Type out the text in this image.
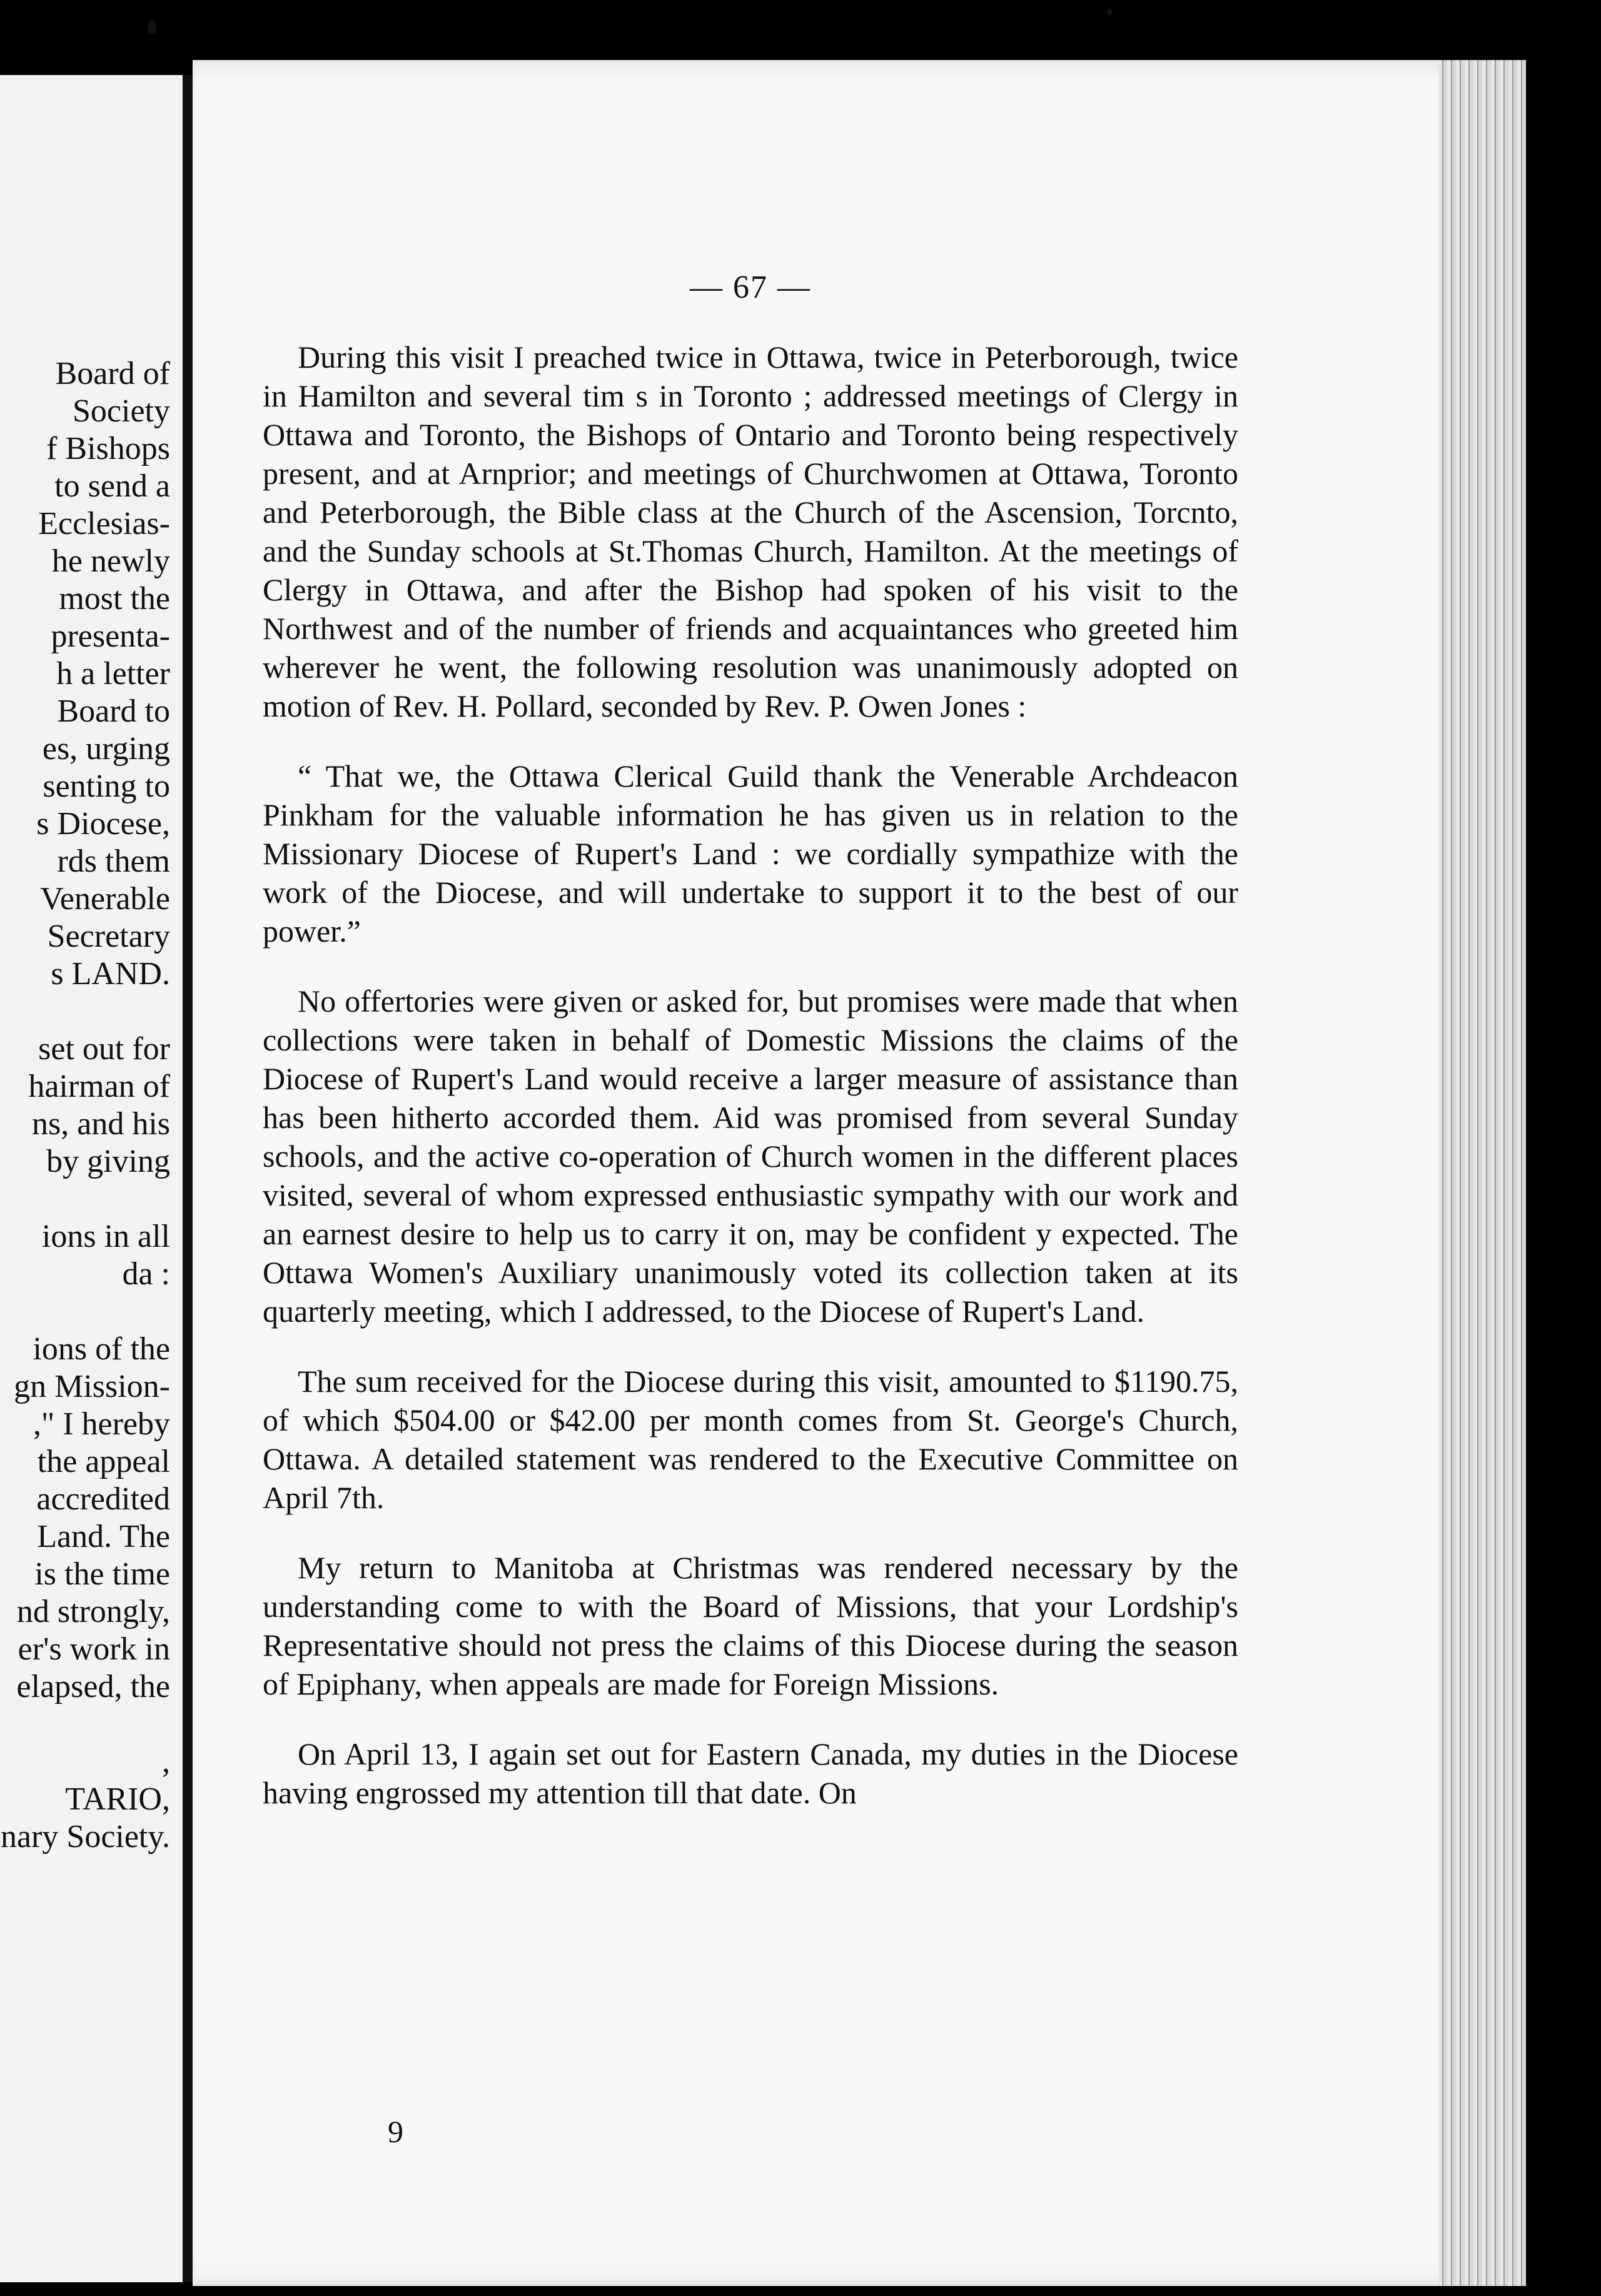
Board of
Society
f Bishops
to send a
Ecclesias-
he newly
most the
presenta-
h a letter
Board to
es, urging
senting to
s Diocese,
rds them
Venerable
Secretary
s LAND.

set out for
hairman of
ns, and his
by giving

ions in all
da :

ions of the
gn Mission-
," I hereby
the appeal
accredited
Land. The
is the time
nd strongly,
er's work in
elapsed, the

,
TARIO,
nary Society.
— 67 —

During this visit I preached twice in Ottawa, twice in Peterborough, twice in Hamilton and several tim s in Toronto ; addressed meetings of Clergy in Ottawa and Toronto, the Bishops of Ontario and Toronto being respectively present, and at Arnprior; and meetings of Churchwomen at Ottawa, Toronto and Peterborough, the Bible class at the Church of the Ascension, Torcnto, and the Sunday schools at St.Thomas Church, Hamilton. At the meetings of Clergy in Ottawa, and after the Bishop had spoken of his visit to the Northwest and of the number of friends and acquaintances who greeted him wherever he went, the following resolution was unanimously adopted on motion of Rev. H. Pollard, seconded by Rev. P. Owen Jones :

“ That we, the Ottawa Clerical Guild thank the Venerable Archdeacon Pinkham for the valuable information he has given us in relation to the Missionary Diocese of Rupert's Land : we cordially sympathize with the work of the Diocese, and will undertake to support it to the best of our power.”

No offertories were given or asked for, but promises were made that when collections were taken in behalf of Domestic Missions the claims of the Diocese of Rupert's Land would receive a larger measure of assistance than has been hitherto accorded them. Aid was promised from several Sunday schools, and the active co-operation of Church women in the different places visited, several of whom expressed enthusiastic sympathy with our work and an earnest desire to help us to carry it on, may be confident y expected. The Ottawa Women's Auxiliary unanimously voted its collection taken at its quarterly meeting, which I addressed, to the Diocese of Rupert's Land.

The sum received for the Diocese during this visit, amounted to $1190.75, of which $504.00 or $42.00 per month comes from St. George's Church, Ottawa. A detailed statement was rendered to the Executive Committee on April 7th.

My return to Manitoba at Christmas was rendered necessary by the understanding come to with the Board of Missions, that your Lordship's Representative should not press the claims of this Diocese during the season of Epiphany, when appeals are made for Foreign Missions.

On April 13, I again set out for Eastern Canada, my duties in the Diocese having engrossed my attention till that date. On

9
